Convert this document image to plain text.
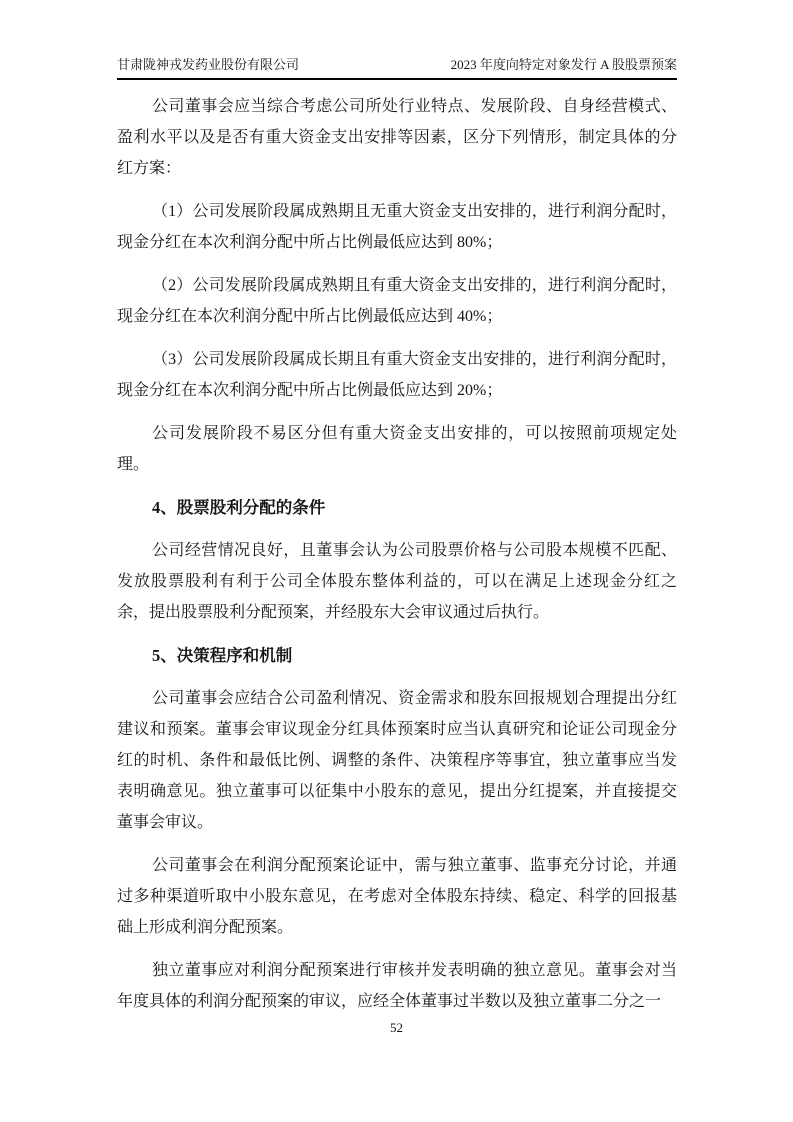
甘肃陇神戎发药业股份有限公司	2023 年度向特定对象发行 A 股股票预案

公司董事会应当综合考虑公司所处行业特点、发展阶段、自身经营模式、
盈利水平以及是否有重大资金支出安排等因素，区分下列情形，制定具体的分
红方案：

（1）公司发展阶段属成熟期且无重大资金支出安排的，进行利润分配时，
现金分红在本次利润分配中所占比例最低应达到 80%；

（2）公司发展阶段属成熟期且有重大资金支出安排的，进行利润分配时，
现金分红在本次利润分配中所占比例最低应达到 40%；

（3）公司发展阶段属成长期且有重大资金支出安排的，进行利润分配时，
现金分红在本次利润分配中所占比例最低应达到 20%；

公司发展阶段不易区分但有重大资金支出安排的，可以按照前项规定处
理。

4、股票股利分配的条件

公司经营情况良好，且董事会认为公司股票价格与公司股本规模不匹配、
发放股票股利有利于公司全体股东整体利益的，可以在满足上述现金分红之
余，提出股票股利分配预案，并经股东大会审议通过后执行。

5、决策程序和机制

公司董事会应结合公司盈利情况、资金需求和股东回报规划合理提出分红
建议和预案。董事会审议现金分红具体预案时应当认真研究和论证公司现金分
红的时机、条件和最低比例、调整的条件、决策程序等事宜，独立董事应当发
表明确意见。独立董事可以征集中小股东的意见，提出分红提案，并直接提交
董事会审议。

公司董事会在利润分配预案论证中，需与独立董事、监事充分讨论，并通
过多种渠道听取中小股东意见，在考虑对全体股东持续、稳定、科学的回报基
础上形成利润分配预案。

独立董事应对利润分配预案进行审核并发表明确的独立意见。董事会对当
年度具体的利润分配预案的审议，应经全体董事过半数以及独立董事二分之一

52
